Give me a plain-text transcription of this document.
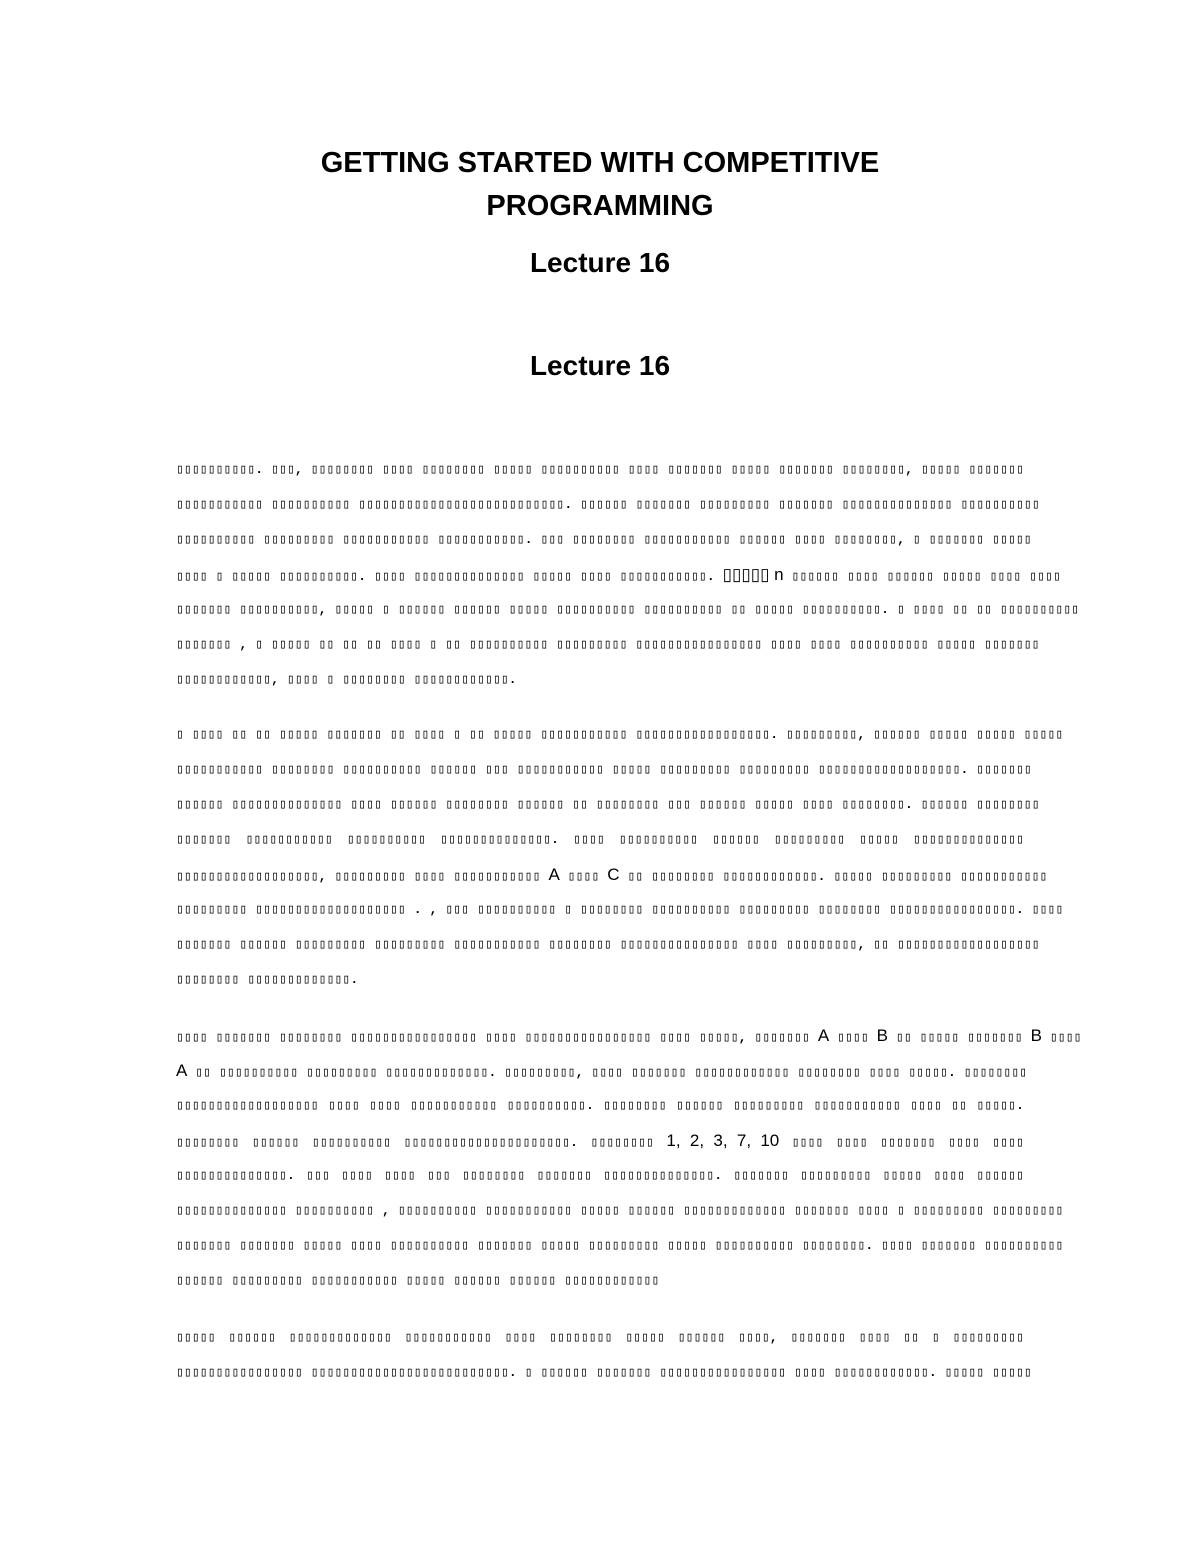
GETTING STARTED WITH COMPETITIVE
PROGRAMMING
Lecture 16
Lecture 16
▯▯▯▯▯▯▯▯▯▯. ▯▯▯, ▯▯▯▯▯▯▯▯ ▯▯▯▯ ▯▯▯▯▯▯▯▯ ▯▯▯▯▯ ▯▯▯▯▯▯▯▯▯▯ ▯▯▯▯ ▯▯▯▯▯▯▯ ▯▯▯▯▯ ▯▯▯▯▯▯▯ ▯▯▯▯▯▯▯▯, ▯▯▯▯▯ ▯▯▯▯▯▯▯
▯▯▯▯▯▯▯▯▯▯▯ ▯▯▯▯▯▯▯▯▯▯ ▯▯▯▯▯▯▯▯▯▯▯▯▯▯▯▯▯▯▯▯▯▯▯▯▯▯. ▯▯▯▯▯▯ ▯▯▯▯▯▯▯ ▯▯▯▯▯▯▯▯▯ ▯▯▯▯▯▯▯ ▯▯▯▯▯▯▯▯▯▯▯▯▯▯ ▯▯▯▯▯▯▯▯▯▯
▯▯▯▯▯▯▯▯▯▯ ▯▯▯▯▯▯▯▯▯ ▯▯▯▯▯▯▯▯▯▯▯ ▯▯▯▯▯▯▯▯▯▯▯. ▯▯▯ ▯▯▯▯▯▯▯▯ ▯▯▯▯▯▯▯▯▯▯▯ ▯▯▯▯▯▯ ▯▯▯▯ ▯▯▯▯▯▯▯▯, ▯ ▯▯▯▯▯▯▯ ▯▯▯▯▯
▯▯▯▯ ▯ ▯▯▯▯▯ ▯▯▯▯▯▯▯▯▯▯. ▯▯▯▯ ▯▯▯▯▯▯▯▯▯▯▯▯▯▯ ▯▯▯▯▯ ▯▯▯▯ ▯▯▯▯▯▯▯▯▯▯▯. ▯▯▯▯▯ n ▯▯▯▯▯▯ ▯▯▯▯ ▯▯▯▯▯▯ ▯▯▯▯▯ ▯▯▯▯ ▯▯▯▯
▯▯▯▯▯▯▯ ▯▯▯▯▯▯▯▯▯▯, ▯▯▯▯▯ ▯ ▯▯▯▯▯▯ ▯▯▯▯▯▯ ▯▯▯▯▯ ▯▯▯▯▯▯▯▯▯▯ ▯▯▯▯▯▯▯▯▯▯ ▯▯ ▯▯▯▯▯ ▯▯▯▯▯▯▯▯▯▯. ▯ ▯▯▯▯ ▯▯ ▯▯ ▯▯▯▯▯▯▯▯▯▯
▯▯▯▯▯▯▯ , ▯ ▯▯▯▯▯ ▯▯ ▯▯ ▯▯ ▯▯▯▯ ▯ ▯▯ ▯▯▯▯▯▯▯▯▯▯ ▯▯▯▯▯▯▯▯▯ ▯▯▯▯▯▯▯▯▯▯▯▯▯▯▯▯ ▯▯▯▯ ▯▯▯▯ ▯▯▯▯▯▯▯▯▯▯ ▯▯▯▯▯ ▯▯▯▯▯▯▯
▯▯▯▯▯▯▯▯▯▯▯▯, ▯▯▯▯ ▯ ▯▯▯▯▯▯▯▯ ▯▯▯▯▯▯▯▯▯▯▯▯.
▯ ▯▯▯▯ ▯▯ ▯▯ ▯▯▯▯▯ ▯▯▯▯▯▯▯ ▯▯ ▯▯▯▯ ▯ ▯▯ ▯▯▯▯▯ ▯▯▯▯▯▯▯▯▯▯▯ ▯▯▯▯▯▯▯▯▯▯▯▯▯▯▯▯▯. ▯▯▯▯▯▯▯▯▯, ▯▯▯▯▯▯ ▯▯▯▯▯ ▯▯▯▯▯ ▯▯▯▯▯
▯▯▯▯▯▯▯▯▯▯▯ ▯▯▯▯▯▯▯▯ ▯▯▯▯▯▯▯▯▯▯ ▯▯▯▯▯▯ ▯▯▯ ▯▯▯▯▯▯▯▯▯▯▯ ▯▯▯▯▯ ▯▯▯▯▯▯▯▯▯ ▯▯▯▯▯▯▯▯▯ ▯▯▯▯▯▯▯▯▯▯▯▯▯▯▯▯▯▯. ▯▯▯▯▯▯▯
▯▯▯▯▯▯ ▯▯▯▯▯▯▯▯▯▯▯▯▯▯ ▯▯▯▯ ▯▯▯▯▯▯ ▯▯▯▯▯▯▯▯ ▯▯▯▯▯▯ ▯▯ ▯▯▯▯▯▯▯▯ ▯▯▯ ▯▯▯▯▯▯ ▯▯▯▯▯ ▯▯▯▯ ▯▯▯▯▯▯▯▯. ▯▯▯▯▯▯ ▯▯▯▯▯▯▯▯
▯▯▯▯▯▯▯ ▯▯▯▯▯▯▯▯▯▯▯ ▯▯▯▯▯▯▯▯▯▯ ▯▯▯▯▯▯▯▯▯▯▯▯▯▯. ▯▯▯▯ ▯▯▯▯▯▯▯▯▯▯ ▯▯▯▯▯▯ ▯▯▯▯▯▯▯▯▯ ▯▯▯▯▯ ▯▯▯▯▯▯▯▯▯▯▯▯▯▯
▯▯▯▯▯▯▯▯▯▯▯▯▯▯▯▯▯▯, ▯▯▯▯▯▯▯▯▯ ▯▯▯▯ ▯▯▯▯▯▯▯▯▯▯▯ A ▯▯▯▯ C ▯▯ ▯▯▯▯▯▯▯▯ ▯▯▯▯▯▯▯▯▯▯▯▯. ▯▯▯▯▯ ▯▯▯▯▯▯▯▯▯ ▯▯▯▯▯▯▯▯▯▯▯
▯▯▯▯▯▯▯▯▯ ▯▯▯▯▯▯▯▯▯▯▯▯▯▯▯▯▯▯▯ . , ▯▯▯ ▯▯▯▯▯▯▯▯▯▯ ▯ ▯▯▯▯▯▯▯▯ ▯▯▯▯▯▯▯▯▯▯ ▯▯▯▯▯▯▯▯▯ ▯▯▯▯▯▯▯▯ ▯▯▯▯▯▯▯▯▯▯▯▯▯▯▯▯. ▯▯▯▯
▯▯▯▯▯▯▯ ▯▯▯▯▯▯ ▯▯▯▯▯▯▯▯▯ ▯▯▯▯▯▯▯▯▯ ▯▯▯▯▯▯▯▯▯▯▯ ▯▯▯▯▯▯▯▯ ▯▯▯▯▯▯▯▯▯▯▯▯▯▯▯ ▯▯▯▯ ▯▯▯▯▯▯▯▯▯, ▯▯ ▯▯▯▯▯▯▯▯▯▯▯▯▯▯▯▯▯▯
▯▯▯▯▯▯▯▯ ▯▯▯▯▯▯▯▯▯▯▯▯▯.
▯▯▯▯ ▯▯▯▯▯▯▯ ▯▯▯▯▯▯▯▯ ▯▯▯▯▯▯▯▯▯▯▯▯▯▯▯▯ ▯▯▯▯ ▯▯▯▯▯▯▯▯▯▯▯▯▯▯▯▯ ▯▯▯▯ ▯▯▯▯▯, ▯▯▯▯▯▯▯ A ▯▯▯▯ B ▯▯ ▯▯▯▯▯ ▯▯▯▯▯▯▯ B ▯▯▯▯
A ▯▯ ▯▯▯▯▯▯▯▯▯▯ ▯▯▯▯▯▯▯▯▯ ▯▯▯▯▯▯▯▯▯▯▯▯▯. ▯▯▯▯▯▯▯▯▯, ▯▯▯▯ ▯▯▯▯▯▯▯ ▯▯▯▯▯▯▯▯▯▯▯▯ ▯▯▯▯▯▯▯▯ ▯▯▯▯ ▯▯▯▯▯. ▯▯▯▯▯▯▯▯
▯▯▯▯▯▯▯▯▯▯▯▯▯▯▯▯▯▯ ▯▯▯▯ ▯▯▯▯ ▯▯▯▯▯▯▯▯▯▯▯ ▯▯▯▯▯▯▯▯▯▯. ▯▯▯▯▯▯▯▯ ▯▯▯▯▯▯ ▯▯▯▯▯▯▯▯▯ ▯▯▯▯▯▯▯▯▯▯▯ ▯▯▯▯ ▯▯ ▯▯▯▯▯.
▯▯▯▯▯▯▯▯ ▯▯▯▯▯▯ ▯▯▯▯▯▯▯▯▯▯ ▯▯▯▯▯▯▯▯▯▯▯▯▯▯▯▯▯▯▯▯▯. ▯▯▯▯▯▯▯▯ 1, 2, 3, 7, 10 ▯▯▯▯ ▯▯▯▯ ▯▯▯▯▯▯▯ ▯▯▯▯ ▯▯▯▯
▯▯▯▯▯▯▯▯▯▯▯▯▯▯. ▯▯▯ ▯▯▯▯ ▯▯▯▯ ▯▯▯ ▯▯▯▯▯▯▯▯ ▯▯▯▯▯▯▯ ▯▯▯▯▯▯▯▯▯▯▯▯▯▯. ▯▯▯▯▯▯▯ ▯▯▯▯▯▯▯▯▯ ▯▯▯▯▯ ▯▯▯▯ ▯▯▯▯▯▯
▯▯▯▯▯▯▯▯▯▯▯▯▯▯ ▯▯▯▯▯▯▯▯▯▯ , ▯▯▯▯▯▯▯▯▯▯ ▯▯▯▯▯▯▯▯▯▯▯ ▯▯▯▯▯ ▯▯▯▯▯▯ ▯▯▯▯▯▯▯▯▯▯▯▯▯ ▯▯▯▯▯▯▯ ▯▯▯▯ ▯ ▯▯▯▯▯▯▯▯▯ ▯▯▯▯▯▯▯▯▯
▯▯▯▯▯▯▯ ▯▯▯▯▯▯▯ ▯▯▯▯▯ ▯▯▯▯ ▯▯▯▯▯▯▯▯▯▯ ▯▯▯▯▯▯▯ ▯▯▯▯▯ ▯▯▯▯▯▯▯▯▯ ▯▯▯▯▯ ▯▯▯▯▯▯▯▯▯▯ ▯▯▯▯▯▯▯▯. ▯▯▯▯ ▯▯▯▯▯▯▯ ▯▯▯▯▯▯▯▯▯▯
▯▯▯▯▯▯ ▯▯▯▯▯▯▯▯▯ ▯▯▯▯▯▯▯▯▯▯▯ ▯▯▯▯▯ ▯▯▯▯▯▯ ▯▯▯▯▯▯ ▯▯▯▯▯▯▯▯▯▯▯▯
▯▯▯▯▯ ▯▯▯▯▯▯ ▯▯▯▯▯▯▯▯▯▯▯▯▯ ▯▯▯▯▯▯▯▯▯▯▯ ▯▯▯▯ ▯▯▯▯▯▯▯▯ ▯▯▯▯▯ ▯▯▯▯▯▯ ▯▯▯▯, ▯▯▯▯▯▯▯ ▯▯▯▯ ▯▯ ▯ ▯▯▯▯▯▯▯▯▯
▯▯▯▯▯▯▯▯▯▯▯▯▯▯▯▯ ▯▯▯▯▯▯▯▯▯▯▯▯▯▯▯▯▯▯▯▯▯▯▯▯▯. ▯ ▯▯▯▯▯▯ ▯▯▯▯▯▯▯ ▯▯▯▯▯▯▯▯▯▯▯▯▯▯▯▯ ▯▯▯▯ ▯▯▯▯▯▯▯▯▯▯▯▯. ▯▯▯▯▯ ▯▯▯▯▯
